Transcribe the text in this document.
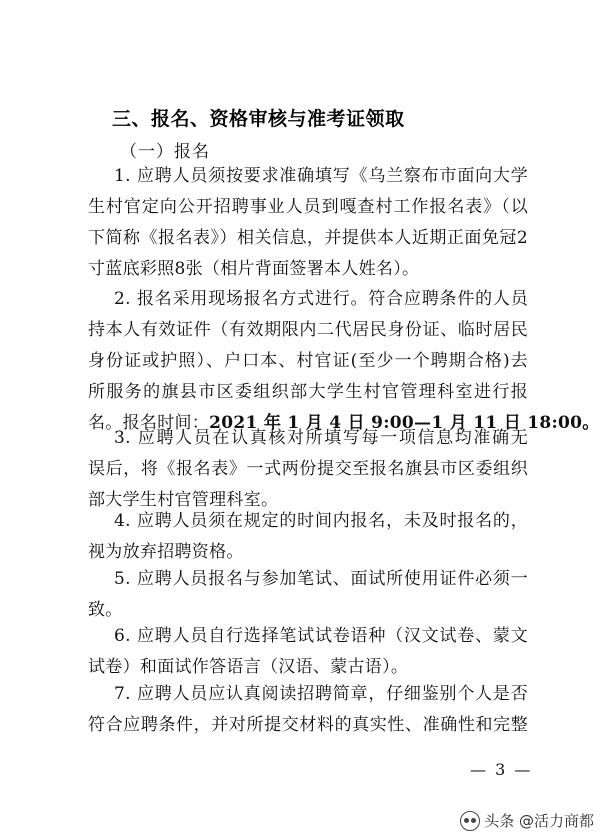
三、报名、资格审核与准考证领取
（一）报名
1. 应聘人员须按要求准确填写《乌兰察布市面向大学
生村官定向公开招聘事业人员到嘎查村工作报名表》（以
下简称《报名表》）相关信息，并提供本人近期正面免冠2
寸蓝底彩照8张（相片背面签署本人姓名）。
2. 报名采用现场报名方式进行。符合应聘条件的人员
持本人有效证件（有效期限内二代居民身份证、临时居民
身份证或护照）、户口本、村官证(至少一个聘期合格)去
所服务的旗县市区委组织部大学生村官管理科室进行报
名。报名时间：2021 年 1 月 4 日 9:00—1 月 11 日 18:00。
3. 应聘人员在认真核对所填写每一项信息均准确无
误后，将《报名表》一式两份提交至报名旗县市区委组织
部大学生村官管理科室。
4. 应聘人员须在规定的时间内报名，未及时报名的，
视为放弃招聘资格。
5. 应聘人员报名与参加笔试、面试所使用证件必须一
致。
6. 应聘人员自行选择笔试试卷语种（汉文试卷、蒙文
试卷）和面试作答语言（汉语、蒙古语）。
7. 应聘人员应认真阅读招聘简章，仔细鉴别个人是否
符合应聘条件，并对所提交材料的真实性、准确性和完整
— 3 —
头条 @活力商都
